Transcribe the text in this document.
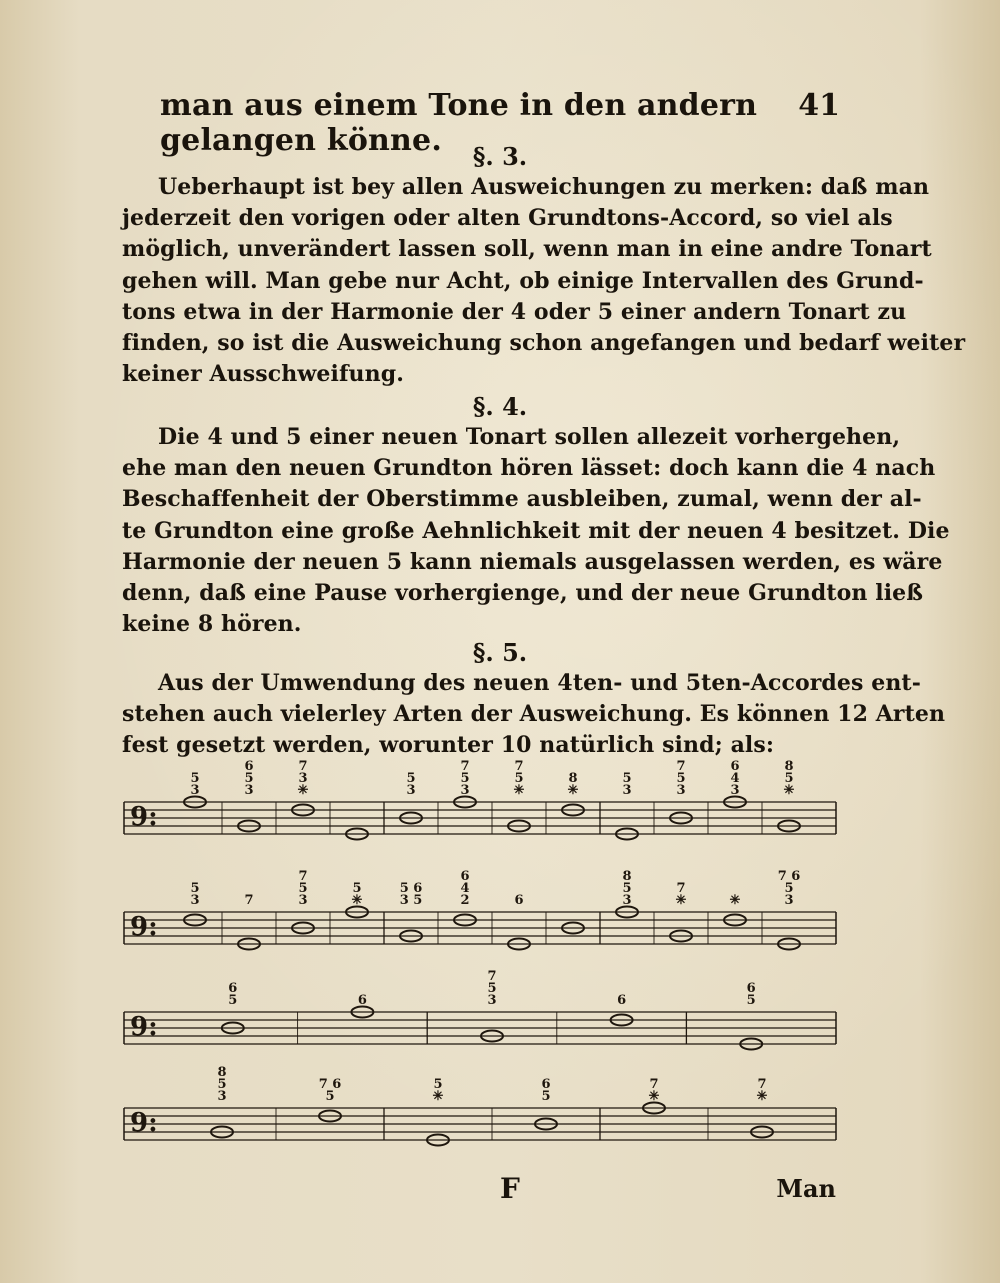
man aus einem Tone in den andern gelangen könne.
41
§. 3.
Ueberhaupt ist bey allen Ausweichungen zu merken: daß man
jederzeit den vorigen oder alten Grundtons-Accord, so viel als
möglich, unverändert lassen soll, wenn man in eine andre Tonart
gehen will. Man gebe nur Acht, ob einige Intervallen des Grund-
tons etwa in der Harmonie der 4 oder 5 einer andern Tonart zu
finden, so ist die Ausweichung schon angefangen und bedarf weiter
keiner Ausschweifung.
§. 4.
Die 4 und 5 einer neuen Tonart sollen allezeit vorhergehen,
ehe man den neuen Grundton hören lässet: doch kann die 4 nach
Beschaffenheit der Oberstimme ausbleiben, zumal, wenn der al-
te Grundton eine große Aehnlichkeit mit der neuen 4 besitzet. Die
Harmonie der neuen 5 kann niemals ausgelassen werden, es wäre
denn, daß eine Pause vorhergienge, und der neue Grundton ließ
keine 8 hören.
§. 5.
Aus der Umwendung des neuen 4ten- und 5ten-Accordes ent-
stehen auch vielerley Arten der Ausweichung. Es können 12 Arten
fest gesetzt werden, worunter 10 natürlich sind; als:
9:
5
3
6
5
3
7
3
✳
5
3
7
5
3
7
5
✳
8
✳
5
3
7
5
3
6
4
3
8
5
✳
9:
5
3	7
7
5
3
5
✳
5 6
3 5
6
4
2	6
8
5
3
7
✳	✳
7 6
5
3
9:
6
5	6
7
5
3	6
6
5
9:
8
5
3
7 6
5
5
✳
6
5
7
✳
7
✳
F	Man
